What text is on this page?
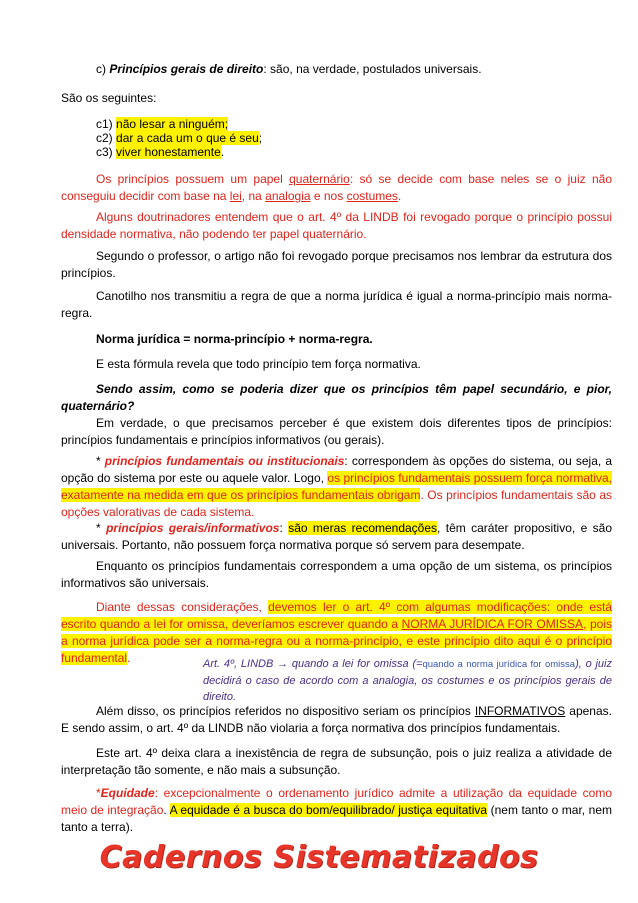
c) Princípios gerais de direito: são, na verdade, postulados universais.

São os seguintes:

c1) não lesar a ninguém;
c2) dar a cada um o que é seu;
c3) viver honestamente.

Os princípios possuem um papel quaternário: só se decide com base neles se o juiz não conseguiu decidir com base na lei, na analogia e nos costumes.

Alguns doutrinadores entendem que o art. 4º da LINDB foi revogado porque o princípio possui densidade normativa, não podendo ter papel quaternário.

Segundo o professor, o artigo não foi revogado porque precisamos nos lembrar da estrutura dos princípios.

Canotilho nos transmitiu a regra de que a norma jurídica é igual a norma-princípio mais norma-regra.

Norma jurídica = norma-princípio + norma-regra.

E esta fórmula revela que todo princípio tem força normativa.

Sendo assim, como se poderia dizer que os princípios têm papel secundário, e pior, quaternário?

Em verdade, o que precisamos perceber é que existem dois diferentes tipos de princípios: princípios fundamentais e princípios informativos (ou gerais).

* princípios fundamentais ou institucionais: correspondem às opções do sistema, ou seja, a opção do sistema por este ou aquele valor. Logo, os princípios fundamentais possuem força normativa, exatamente na medida em que os princípios fundamentais obrigam. Os princípios fundamentais são as opções valorativas de cada sistema.

* princípios gerais/informativos: são meras recomendações, têm caráter propositivo, e são universais. Portanto, não possuem força normativa porque só servem para desempate.

Enquanto os princípios fundamentais correspondem a uma opção de um sistema, os princípios informativos são universais.

Diante dessas considerações, devemos ler o art. 4º com algumas modificações: onde está escrito quando a lei for omissa, deveríamos escrever quando a NORMA JURÍDICA FOR OMISSA, pois a norma jurídica pode ser a norma-regra ou a norma-princípio, e este princípio dito aqui é o princípio fundamental.	Art. 4º, LINDB → quando a lei for omissa (=quando a norma jurídica for omissa), o juiz decidirá o caso de acordo com a analogia, os costumes e os princípios gerais de direito.

Além disso, os princípios referidos no dispositivo seriam os princípios INFORMATIVOS apenas. E sendo assim, o art. 4º da LINDB não violaria a força normativa dos princípios fundamentais.

Este art. 4º deixa clara a inexistência de regra de subsunção, pois o juiz realiza a atividade de interpretação tão somente, e não mais a subsunção.

*Equidade: excepcionalmente o ordenamento jurídico admite a utilização da equidade como meio de integração. A equidade é a busca do bom/equilibrado/ justiça equitativa (nem tanto o mar, nem tanto a terra).

Cadernos Sistematizados
